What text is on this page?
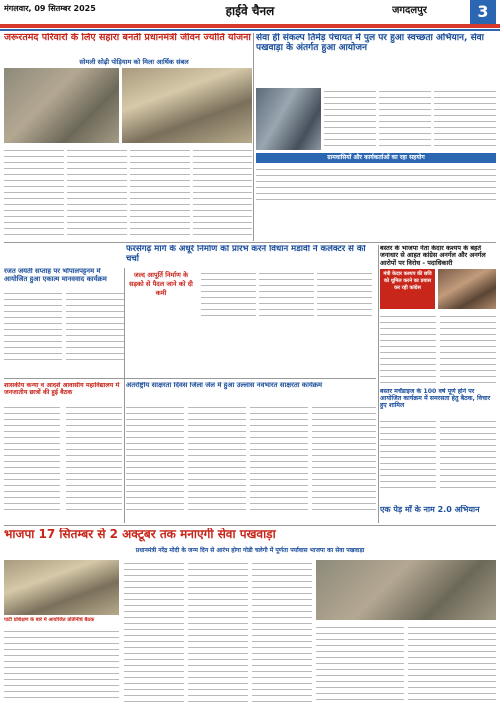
मंगलवार, 09 सितम्बर 2025	हाईवे चैनल	जगदलपुर	3
जरूरतमंद परिवारों के लिए सहारा बनती प्रधानमंत्री जीवन ज्योति योजना
सोमली सोढ़ी पोड़ियाम को मिला आर्थिक संबल
सेवा ही संकल्प तिमेड़ पंचायत में पुल पर हुआ स्वच्छता अभियान, सेवा पखवाड़ा के अंतर्गत हुआ आयोजन
ग्रामवासियों और कार्यकर्ताओं का रहा सहयोग
फरसेगढ़ मार्ग के अधूरे निर्माण को प्रारंभ करने विधान मंडावी ने कलेक्टर से की चर्चा
जल्द आपूर्ति निर्माण के सड़को से पैदल जाने को दी कमी
बस्तर के भाजपा नेता केदार कश्यप के बहते जनाधार से आहत कांग्रेस अनर्गल और अनर्गल आरोपों पर विरोध - पदाधिकारी
मंत्री केदार कश्यप की छवि को धूमिल करने का प्रयास कर रही कांग्रेस
रजत जयंती सप्ताह पर भोपालपट्टनम में आयोजित हुआ एकात्म मानववाद कार्यक्रम
शासकीय कन्या व आदर्श आवासीय महाविद्यालय में जनजातीय छात्रों की हुई बैठक
अंतर्राष्ट्रीय साक्षरता दिवस जिला जेल में हुआ उल्लास नवभारत साक्षरता कार्यक्रम
बस्तर मर्चेंडाइज के 100 वर्ष पूर्ण होने पर आयोजित कार्यक्रम में समरसता हेतु बैठक, विचार हुए शामिल
एक पेड़ माँ के नाम 2.0 अभियान
भाजपा 17 सितम्बर से 2 अक्टूबर तक मनाएगी सेवा पखवाड़ा
प्रधानमंत्री नरेंद्र मोदी के जन्म दिन से आरंभ होगा गोडी चलेगी में पूर्णता पर्यावास भाजपा का सेवा पखवाड़ा
पार्टी प्रशिक्षण के बारे में आयोजित प्रतिनिधि बैठक
